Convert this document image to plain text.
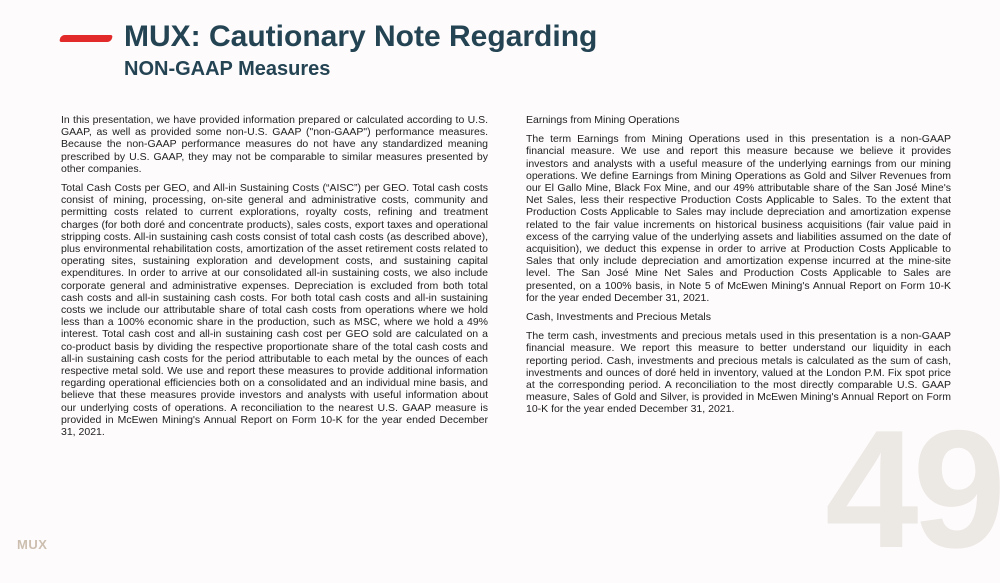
MUX: Cautionary Note Regarding
NON-GAAP Measures
49

In this presentation, we have provided information prepared or calculated according to U.S. GAAP, as well as provided some non-U.S. GAAP ("non-GAAP") performance measures. Because the non-GAAP performance measures do not have any standardized meaning prescribed by U.S. GAAP, they may not be comparable to similar measures presented by other companies.

Total Cash Costs per GEO, and All-in Sustaining Costs (“AISC”) per GEO. Total cash costs consist of mining, processing, on-site general and administrative costs, community and permitting costs related to current explorations, royalty costs, refining and treatment charges (for both doré and concentrate products), sales costs, export taxes and operational stripping costs. All-in sustaining cash costs consist of total cash costs (as described above), plus environmental rehabilitation costs, amortization of the asset retirement costs related to operating sites, sustaining exploration and development costs, and sustaining capital expenditures. In order to arrive at our consolidated all-in sustaining costs, we also include corporate general and administrative expenses. Depreciation is excluded from both total cash costs and all-in sustaining cash costs. For both total cash costs and all-in sustaining costs we include our attributable share of total cash costs from operations where we hold less than a 100% economic share in the production, such as MSC, where we hold a 49% interest. Total cash cost and all-in sustaining cash cost per GEO sold are calculated on a co-product basis by dividing the respective proportionate share of the total cash costs and all-in sustaining cash costs for the period attributable to each metal by the ounces of each respective metal sold. We use and report these measures to provide additional information regarding operational efficiencies both on a consolidated and an individual mine basis, and believe that these measures provide investors and analysts with useful information about our underlying costs of operations. A reconciliation to the nearest U.S. GAAP measure is provided in McEwen Mining's Annual Report on Form 10-K for the year ended December 31, 2021.

Earnings from Mining Operations

The term Earnings from Mining Operations used in this presentation is a non-GAAP financial measure. We use and report this measure because we believe it provides investors and analysts with a useful measure of the underlying earnings from our mining operations. We define Earnings from Mining Operations as Gold and Silver Revenues from our El Gallo Mine, Black Fox Mine, and our 49% attributable share of the San José Mine's Net Sales, less their respective Production Costs Applicable to Sales. To the extent that Production Costs Applicable to Sales may include depreciation and amortization expense related to the fair value increments on historical business acquisitions (fair value paid in excess of the carrying value of the underlying assets and liabilities assumed on the date of acquisition), we deduct this expense in order to arrive at Production Costs Applicable to Sales that only include depreciation and amortization expense incurred at the mine-site level. The San José Mine Net Sales and Production Costs Applicable to Sales are presented, on a 100% basis, in Note 5 of McEwen Mining's Annual Report on Form 10-K for the year ended December 31, 2021.

Cash, Investments and Precious Metals

The term cash, investments and precious metals used in this presentation is a non-GAAP financial measure. We report this measure to better understand our liquidity in each reporting period. Cash, investments and precious metals is calculated as the sum of cash, investments and ounces of doré held in inventory, valued at the London P.M. Fix spot price at the corresponding period. A reconciliation to the most directly comparable U.S. GAAP measure, Sales of Gold and Silver, is provided in McEwen Mining's Annual Report on Form 10-K for the year ended December 31, 2021.

MUX
